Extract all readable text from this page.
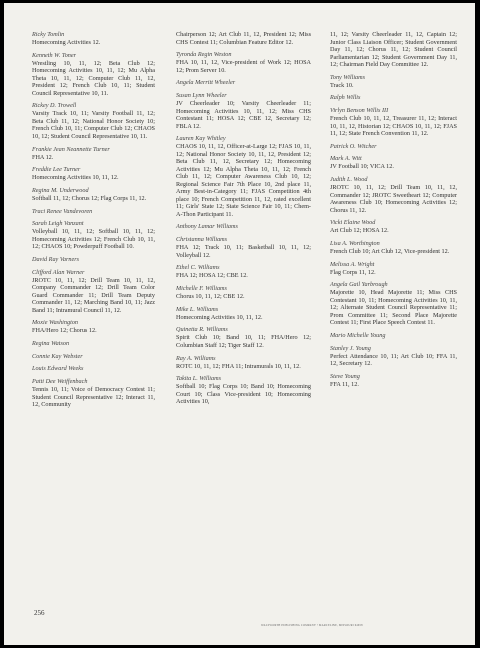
Ricky Tomlin
Homecoming Activities 12.
Kenneth W. Toner
Wrestling 10, 11, 12; Beta Club 12; Homecoming Activities 10, 11, 12; Mu Alpha Theta 10, 11, 12; Computer Club 11, 12, President 12; French Club 10, 11; Student Council Representative 10, 11.
Rickey D. Trowell
Varsity Track 10, 11; Varsity Football 11, 12; Beta Club 11, 12; National Honor Society 10; French Club 10, 11; Computer Club 12; CHAOS 10, 12; Student Council Representative 10, 11.
Frankie Jean Neannette Turner
FHA 12.
Freddie Lee Turner
Homecoming Activities 10, 11, 12.
Regina M. Underwood
Softball 11, 12; Chorus 12; Flag Corps 11, 12.
Traci Renee Vandevoren
Sarah Leigh Vanzant
Volleyball 10, 11, 12; Softball 10, 11, 12; Homecoming Activities 12; French Club 10, 11, 12; CHAOS 10; Powderpuff Football 10.
David Ray Varners
Clifford Alan Warner
JROTC 10, 11, 12; Drill Team 10, 11, 12, Company Commander 12; Drill Team Color Guard Commander 11; Drill Team Deputy Commander 11, 12; Marching Band 10, 11; Jazz Band 11; Intramural Council 11, 12.
Moxie Washington
FHA/Hero 12; Chorus 12.
Regina Watson
Connie Kay Webster
Louis Edward Weeks
Patti Dee Weiffenbach
Tennis 10, 11; Voice of Democracy Contest 11; Student Council Representative 12; Interact 11, 12, Community
Chairperson 12; Art Club 11, 12, President 12; Miss CHS Contest 11; Columbian Feature Editor 12.
Tyronda Regin Weston
FHA 10, 11, 12, Vice-president of Work 12; HOSA 12; Prom Server 10.
Angela Merritt Wheeler
Susan Lynn Wheeler
JV Cheerleader 10; Varsity Cheerleader 11; Homecoming Activities 10, 11, 12; Miss CHS Contestant 11; HOSA 12; CBE 12, Secretary 12; FBLA 12.
Lauren Kay Whitley
CHAOS 10, 11, 12, Officer-at-Large 12; FJAS 10, 11, 12; National Honor Society 10, 11, 12, President 12; Beta Club 11, 12, Secretary 12; Homecoming Activities 12; Mu Alpha Theta 10, 11, 12; French Club 11, 12; Computer Awareness Club 10, 12; Regional Science Fair 7th Place 10, 2nd place 11, Army Best-in-Category 11; FJAS Competition 4th place 10; French Competition 11, 12, rated excellent 11; Girls' State 12; State Science Fair 10, 11; Chem-A-Thon Participant 11.
Anthony Lamar Williams
Christanna Williams
FHA 12; Track 10, 11; Basketball 10, 11, 12; Volleyball 12.
Ethel C. Williams
FHA 12; HOSA 12; CBE 12.
Michelle F. Williams
Chorus 10, 11, 12; CBE 12.
Mike L. Williams
Homecoming Activities 10, 11, 12.
Quinetta R. Williams
Spirit Club 10; Band 10, 11; FHA/Hero 12; Columbian Staff 12; Tiger Staff 12.
Ray A. Williams
ROTC 10, 11, 12; FHA 11; Intramurals 10, 11, 12.
Takita L. Williams
Softball 10; Flag Corps 10; Band 10; Homecoming Court 10; Class Vice-president 10; Homecoming Activities 10,
11, 12; Varsity Cheerleader 11, 12, Captain 12; Junior Class Liaison Officer; Student Government Day 11, 12; Chorus 11, 12; Student Council Parliamentarian 12; Student Government Day 11, 12; Chairman Field Day Committee 12.
Tony Williams
Track 10.
Ralph Willis
Virlyn Benson Willis III
French Club 10, 11, 12, Treasurer 11, 12; Interact 10, 11, 12, Historian 12; CHAOS 10, 11, 12; FJAS 11, 12; State French Convention 11, 12.
Patrick O. Witcher
Mark A. Witt
JV Football 10; VICA 12.
Judith L. Wood
JROTC 10, 11, 12; Drill Team 10, 11, 12, Commander 12; JROTC Sweetheart 12; Computer Awareness Club 10; Homecoming Activities 12; Chorus 11, 12.
Vicki Elaine Wood
Art Club 12; HOSA 12.
Lisa A. Worthington
French Club 10; Art Club 12, Vice-president 12.
Melissa A. Wright
Flag Corps 11, 12.
Angela Gail Yarbrough
Majorette 10, Head Majorette 11; Miss CHS Contestant 10, 11; Homecoming Activities 10, 11, 12; Alternate Student Council Representative 11; Prom Committee 11; Second Place Majorette Contest 11; First Place Speech Contest 11.
Mario Michelle Young
Stanley J. Young
Perfect Attendance 10, 11; Art Club 10; FFA 11, 12, Secretary 12.
Steve Young
FFA 11, 12.
256
WALSWORTH PUBLISHING COMPANY • MARCELINE, MISSOURI 64658
